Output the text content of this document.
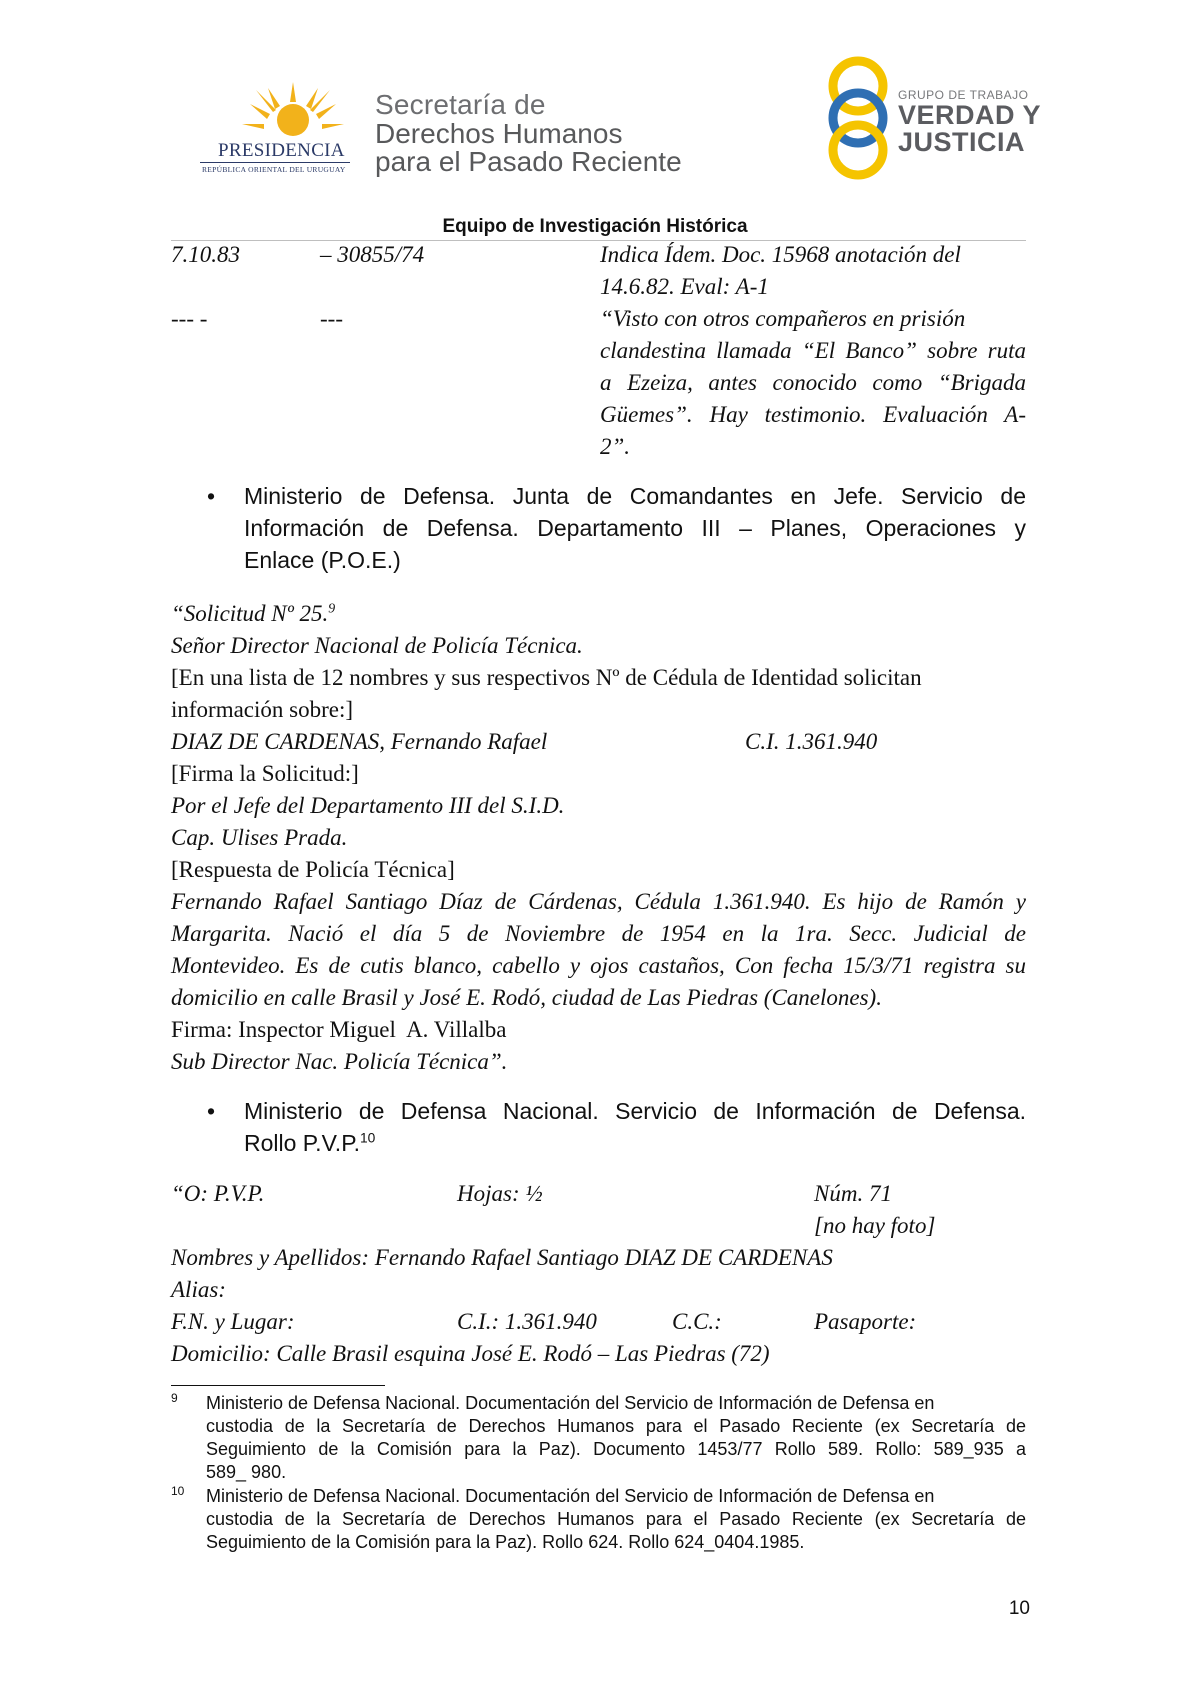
PRESIDENCIA
REPÚBLICA ORIENTAL DEL URUGUAY
Secretaría de
Derechos Humanos
para el Pasado Reciente
GRUPO DE TRABAJO
VERDAD Y
JUSTICIA
Equipo de Investigación Histórica
7.10.83	– 30855/74	Indica Ídem. Doc. 15968 anotación del
14.6.82. Eval: A-1
--- -	---	“Visto con otros compañeros en prisión
clandestina llamada “El Banco” sobre ruta
a Ezeiza, antes conocido como “Brigada
Güemes”. Hay testimonio. Evaluación A-
2”.
• Ministerio de Defensa. Junta de Comandantes en Jefe. Servicio de
Información de Defensa. Departamento III – Planes, Operaciones y
Enlace (P.O.E.)
“Solicitud Nº 25.$^9$
Señor Director Nacional de Policía Técnica.
[En una lista de 12 nombres y sus respectivos Nº de Cédula de Identidad solicitan
información sobre:]
DIAZ DE CARDENAS, Fernando Rafael	C.I. 1.361.940
[Firma la Solicitud:]
Por el Jefe del Departamento III del S.I.D.
Cap. Ulises Prada.
[Respuesta de Policía Técnica]
Fernando Rafael Santiago Díaz de Cárdenas, Cédula 1.361.940. Es hijo de Ramón y
Margarita. Nació el día 5 de Noviembre de 1954 en la 1ra. Secc. Judicial de
Montevideo. Es de cutis blanco, cabello y ojos castaños, Con fecha 15/3/71 registra su
domicilio en calle Brasil y José E. Rodó, ciudad de Las Piedras (Canelones).
Firma: Inspector Miguel  A. Villalba
Sub Director Nac. Policía Técnica”.
• Ministerio de Defensa Nacional. Servicio de Información de Defensa.
Rollo P.V.P.$^{10}$
“O: P.V.P.	Hojas: ½	Núm. 71
[no hay foto]
Nombres y Apellidos: Fernando Rafael Santiago DIAZ DE CARDENAS
Alias:
F.N. y Lugar:	C.I.: 1.361.940	C.C.:	Pasaporte:
Domicilio: Calle Brasil esquina José E. Rodó – Las Piedras (72)
9 Ministerio de Defensa Nacional. Documentación del Servicio de Información de Defensa en
custodia de la Secretaría de Derechos Humanos para el Pasado Reciente (ex Secretaría de
Seguimiento de la Comisión para la Paz). Documento 1453/77 Rollo 589. Rollo: 589_935 a
589_ 980.
10 Ministerio de Defensa Nacional. Documentación del Servicio de Información de Defensa en
custodia de la Secretaría de Derechos Humanos para el Pasado Reciente (ex Secretaría de
Seguimiento de la Comisión para la Paz). Rollo 624. Rollo 624_0404.1985.
10
